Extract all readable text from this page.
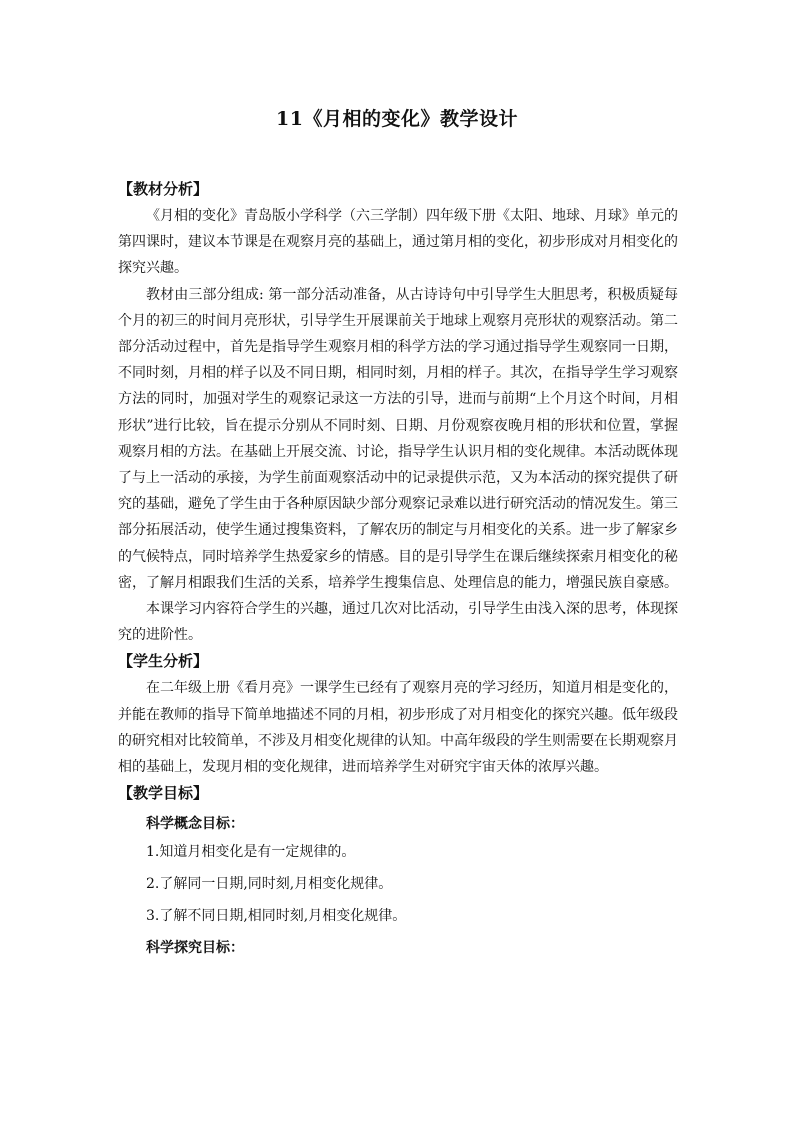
11《月相的变化》教学设计
【教材分析】

《月相的变化》青岛版小学科学（六三学制）四年级下册《太阳、地球、月球》单元的第四课时，建议本节课是在观察月亮的基础上，通过第月相的变化，初步形成对月相变化的探究兴趣。

教材由三部分组成: 第一部分活动准备，从古诗诗句中引导学生大胆思考，积极质疑每个月的初三的时间月亮形状，引导学生开展课前关于地球上观察月亮形状的观察活动。第二部分活动过程中，首先是指导学生观察月相的科学方法的学习通过指导学生观察同一日期，不同时刻，月相的样子以及不同日期，相同时刻，月相的样子。其次，在指导学生学习观察方法的同时，加强对学生的观察记录这一方法的引导，进而与前期“上个月这个时间，月相形状”进行比较，旨在提示分别从不同时刻、日期、月份观察夜晚月相的形状和位置，掌握观察月相的方法。在基础上开展交流、讨论，指导学生认识月相的变化规律。本活动既体现了与上一活动的承接，为学生前面观察活动中的记录提供示范，又为本活动的探究提供了研究的基础，避免了学生由于各种原因缺少部分观察记录难以进行研究活动的情况发生。第三部分拓展活动，使学生通过搜集资料，了解农历的制定与月相变化的关系。进一步了解家乡的气候特点，同时培养学生热爱家乡的情感。目的是引导学生在课后继续探索月相变化的秘密，了解月相跟我们生活的关系，培养学生搜集信息、处理信息的能力，增强民族自豪感。

本课学习内容符合学生的兴趣，通过几次对比活动，引导学生由浅入深的思考，体现探究的进阶性。

【学生分析】

在二年级上册《看月亮》一课学生已经有了观察月亮的学习经历，知道月相是变化的，并能在教师的指导下简单地描述不同的月相，初步形成了对月相变化的探究兴趣。低年级段的研究相对比较简单，不涉及月相变化规律的认知。中高年级段的学生则需要在长期观察月相的基础上，发现月相的变化规律，进而培养学生对研究宇宙天体的浓厚兴趣。

【教学目标】

科学概念目标：

1.知道月相变化是有一定规律的。

2.了解同一日期,同时刻,月相变化规律。

3.了解不同日期,相同时刻,月相变化规律。

科学探究目标：
